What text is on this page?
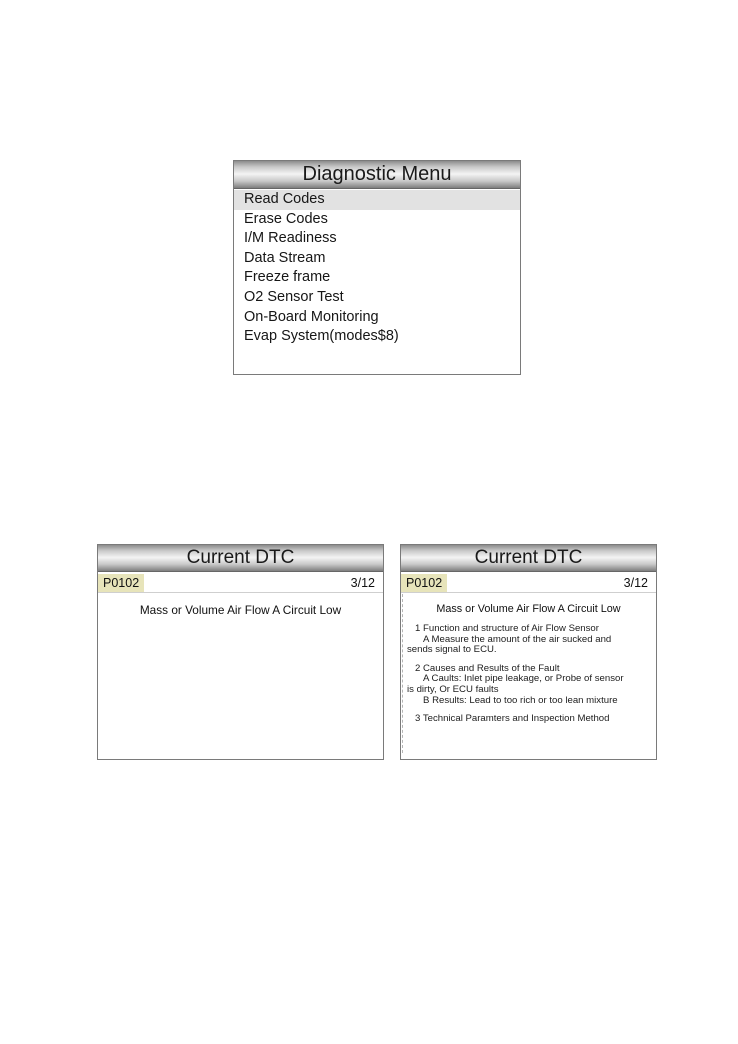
Diagnostic Menu
Read Codes
Erase Codes
I/M Readiness
Data Stream
Freeze frame
O2 Sensor Test
On-Board Monitoring
Evap System(modes$8)
Current DTC
P0102	3/12
Mass or Volume Air Flow A Circuit Low
Current DTC
P0102	3/12
Mass or Volume Air Flow A Circuit Low
1 Function and structure of Air Flow Sensor
A Measure the amount of the air sucked and
sends signal to ECU.
2 Causes and Results of the Fault
A Caults: Inlet pipe leakage, or Probe of sensor
is dirty, Or ECU faults
B Results: Lead to too rich or too lean mixture
3 Technical Paramters and Inspection Method
